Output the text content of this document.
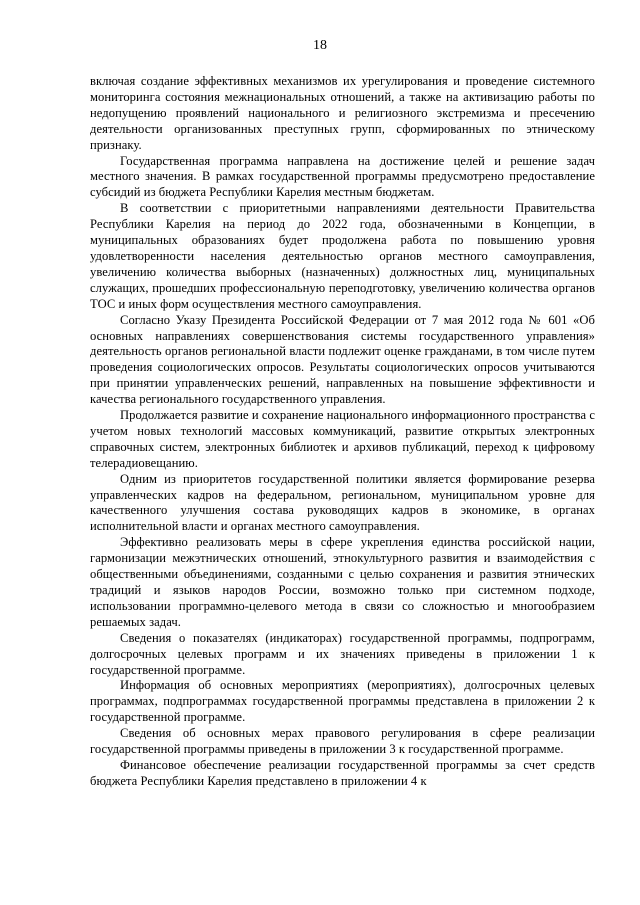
18

включая создание эффективных механизмов их урегулирования и проведение системного мониторинга состояния межнациональных отношений, а также на активизацию работы по недопущению проявлений национального и религиозного экстремизма и пресечению деятельности организованных преступных групп, сформированных по этническому признаку.

Государственная программа направлена на достижение целей и решение задач местного значения. В рамках государственной программы предусмотрено предоставление субсидий из бюджета Республики Карелия местным бюджетам.

В соответствии с приоритетными направлениями деятельности Правительства Республики Карелия на период до 2022 года, обозначенными в Концепции, в муниципальных образованиях будет продолжена работа по повышению уровня удовлетворенности населения деятельностью органов местного самоуправления, увеличению количества выборных (назначенных) должностных лиц, муниципальных служащих, прошедших профессиональную переподготовку, увеличению количества органов ТОС и иных форм осуществления местного самоуправления.

Согласно Указу Президента Российской Федерации от 7 мая 2012 года № 601 «Об основных направлениях совершенствования системы государственного управления» деятельность органов региональной власти подлежит оценке гражданами, в том числе путем проведения социологических опросов. Результаты социологических опросов учитываются при принятии управленческих решений, направленных на повышение эффективности и качества регионального государственного управления.

Продолжается развитие и сохранение национального информационного пространства с учетом новых технологий массовых коммуникаций, развитие открытых электронных справочных систем, электронных библиотек и архивов публикаций, переход к цифровому телерадиовещанию.

Одним из приоритетов государственной политики является формирование резерва управленческих кадров на федеральном, региональном, муниципальном уровне для качественного улучшения состава руководящих кадров в экономике, в органах исполнительной власти и органах местного самоуправления.

Эффективно реализовать меры в сфере укрепления единства российской нации, гармонизации межэтнических отношений, этнокультурного развития и взаимодействия с общественными объединениями, созданными с целью сохранения и развития этнических традиций и языков народов России, возможно только при системном подходе, использовании программно-целевого метода в связи со сложностью и многообразием решаемых задач.

Сведения о показателях (индикаторах) государственной программы, подпрограмм, долгосрочных целевых программ и их значениях приведены в приложении 1 к государственной программе.

Информация об основных мероприятиях (мероприятиях), долгосрочных целевых программах, подпрограммах государственной программы представлена в приложении 2 к государственной программе.

Сведения об основных мерах правового регулирования в сфере реализации государственной программы приведены в приложении 3 к государственной программе.

Финансовое обеспечение реализации государственной программы за счет средств бюджета Республики Карелия представлено в приложении 4 к
